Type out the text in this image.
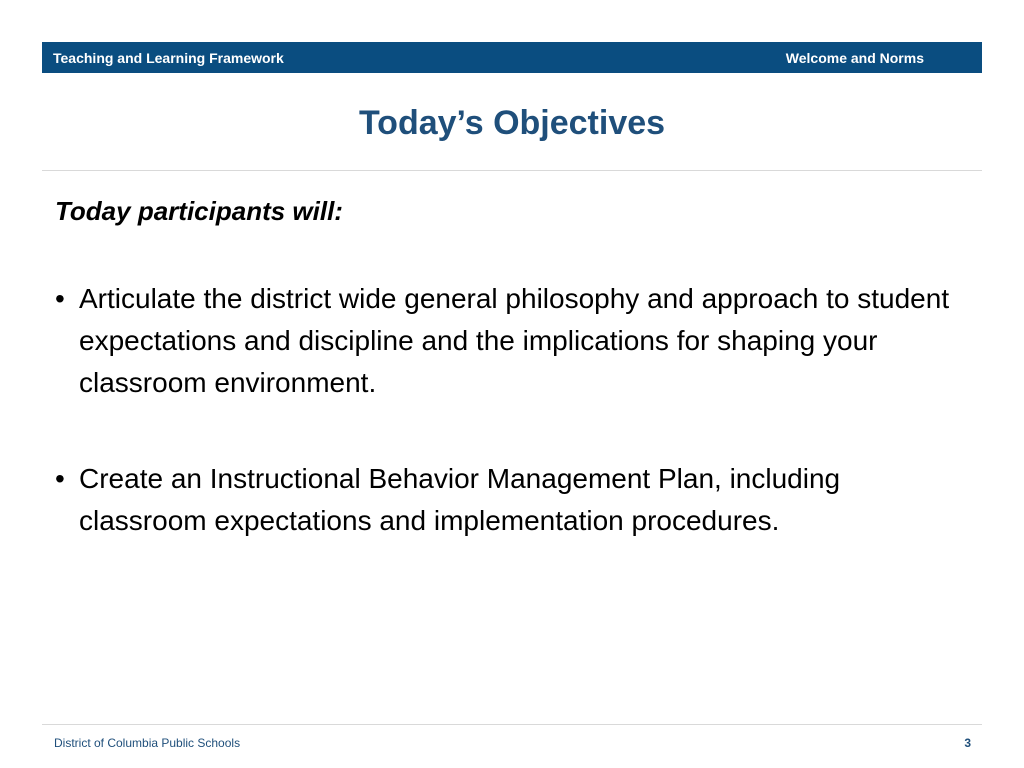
Teaching and Learning Framework	Welcome and Norms
Today’s Objectives
Today participants will:
• Articulate the district wide general philosophy and approach to student expectations and discipline and the implications for shaping your classroom environment.
• Create an Instructional Behavior Management Plan, including classroom expectations and implementation procedures.
District of Columbia Public Schools	3
